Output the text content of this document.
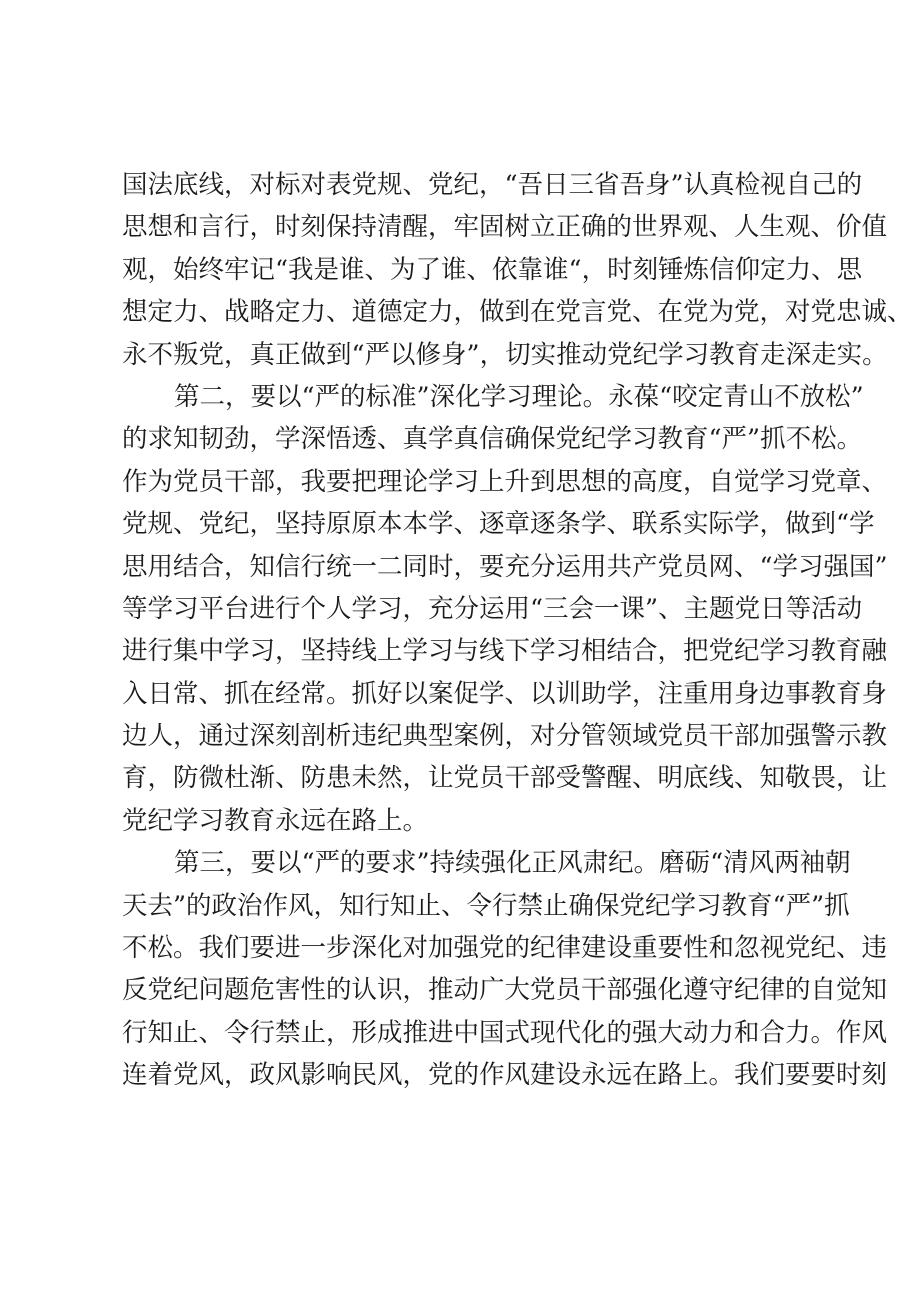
国法底线，对标对表党规、党纪，“吾日三省吾身”认真检视自己的
思想和言行，时刻保持清醒，牢固树立正确的世界观、人生观、价值
观，始终牢记“我是谁、为了谁、依靠谁“，时刻锤炼信仰定力、思
想定力、战略定力、道德定力，做到在党言党、在党为党，对党忠诚、
永不叛党，真正做到“严以修身”，切实推动党纪学习教育走深走实。
第二，要以“严的标准”深化学习理论。永葆“咬定青山不放松”
的求知韧劲，学深悟透、真学真信确保党纪学习教育“严”抓不松。
作为党员干部，我要把理论学习上升到思想的高度，自觉学习党章、
党规、党纪，坚持原原本本学、逐章逐条学、联系实际学，做到“学
思用结合，知信行统一二同时，要充分运用共产党员网、“学习强国”
等学习平台进行个人学习，充分运用“三会一课”、主题党日等活动
进行集中学习，坚持线上学习与线下学习相结合，把党纪学习教育融
入日常、抓在经常。抓好以案促学、以训助学，注重用身边事教育身
边人，通过深刻剖析违纪典型案例，对分管领域党员干部加强警示教
育，防微杜渐、防患未然，让党员干部受警醒、明底线、知敬畏，让
党纪学习教育永远在路上。
第三，要以“严的要求”持续强化正风肃纪。磨砺“清风两袖朝
天去”的政治作风，知行知止、令行禁止确保党纪学习教育“严”抓
不松。我们要进一步深化对加强党的纪律建设重要性和忽视党纪、违
反党纪问题危害性的认识，推动广大党员干部强化遵守纪律的自觉知
行知止、令行禁止，形成推进中国式现代化的强大动力和合力。作风
连着党风，政风影响民风，党的作风建设永远在路上。我们要要时刻
